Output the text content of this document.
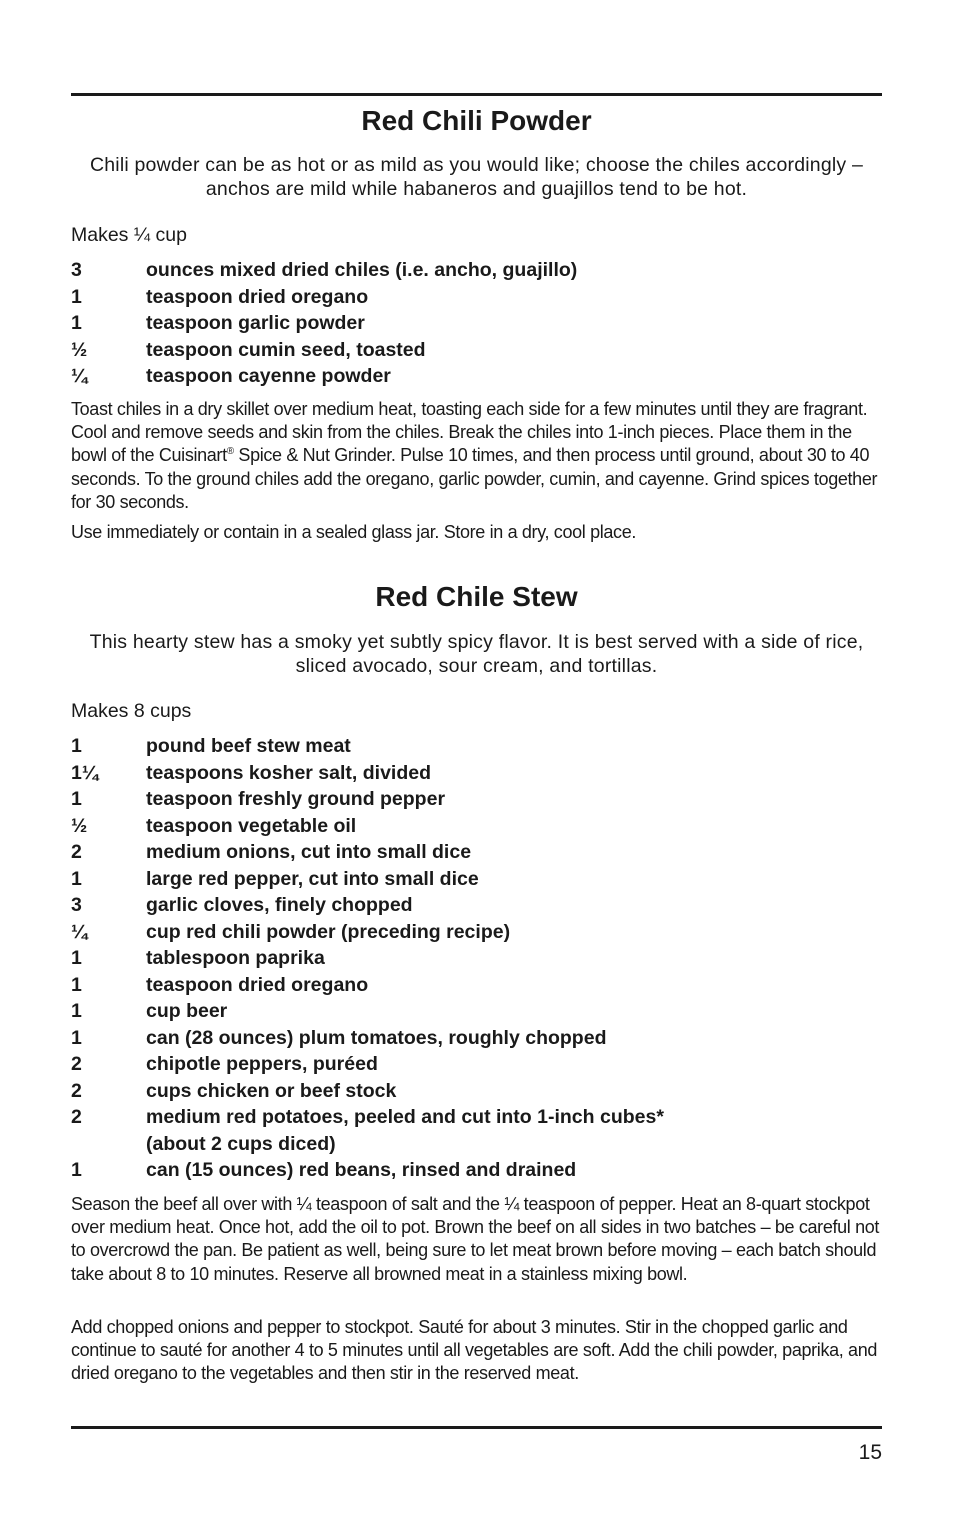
Red Chili Powder

Chili powder can be as hot or as mild as you would like; choose the chiles accordingly – anchos are mild while habaneros and guajillos tend to be hot.

Makes ¼ cup

3	ounces mixed dried chiles (i.e. ancho, guajillo)
1	teaspoon dried oregano
1	teaspoon garlic powder
½	teaspoon cumin seed, toasted
¼	teaspoon cayenne powder

Toast chiles in a dry skillet over medium heat, toasting each side for a few minutes until they are fragrant. Cool and remove seeds and skin from the chiles. Break the chiles into 1-inch pieces. Place them in the bowl of the Cuisinart® Spice & Nut Grinder. Pulse 10 times, and then process until ground, about 30 to 40 seconds. To the ground chiles add the oregano, garlic powder, cumin, and cayenne. Grind spices together for 30 seconds.

Use immediately or contain in a sealed glass jar. Store in a dry, cool place.

Red Chile Stew

This hearty stew has a smoky yet subtly spicy flavor. It is best served with a side of rice, sliced avocado, sour cream, and tortillas.

Makes 8 cups

1	pound beef stew meat
1¼	teaspoons kosher salt, divided
1	teaspoon freshly ground pepper
½	teaspoon vegetable oil
2	medium onions, cut into small dice
1	large red pepper, cut into small dice
3	garlic cloves, finely chopped
¼	cup red chili powder (preceding recipe)
1	tablespoon paprika
1	teaspoon dried oregano
1	cup beer
1	can (28 ounces) plum tomatoes, roughly chopped
2	chipotle peppers, puréed
2	cups chicken or beef stock
2	medium red potatoes, peeled and cut into 1-inch cubes*
(about 2 cups diced)
1	can (15 ounces) red beans, rinsed and drained

Season the beef all over with ¼ teaspoon of salt and the ¼ teaspoon of pepper. Heat an 8-quart stockpot over medium heat. Once hot, add the oil to pot. Brown the beef on all sides in two batches – be careful not to overcrowd the pan. Be patient as well, being sure to let meat brown before moving – each batch should take about 8 to 10 minutes. Reserve all browned meat in a stainless mixing bowl.

Add chopped onions and pepper to stockpot. Sauté for about 3 minutes. Stir in the chopped garlic and continue to sauté for another 4 to 5 minutes until all vegetables are soft. Add the chili powder, paprika, and dried oregano to the vegetables and then stir in the reserved meat.

15
